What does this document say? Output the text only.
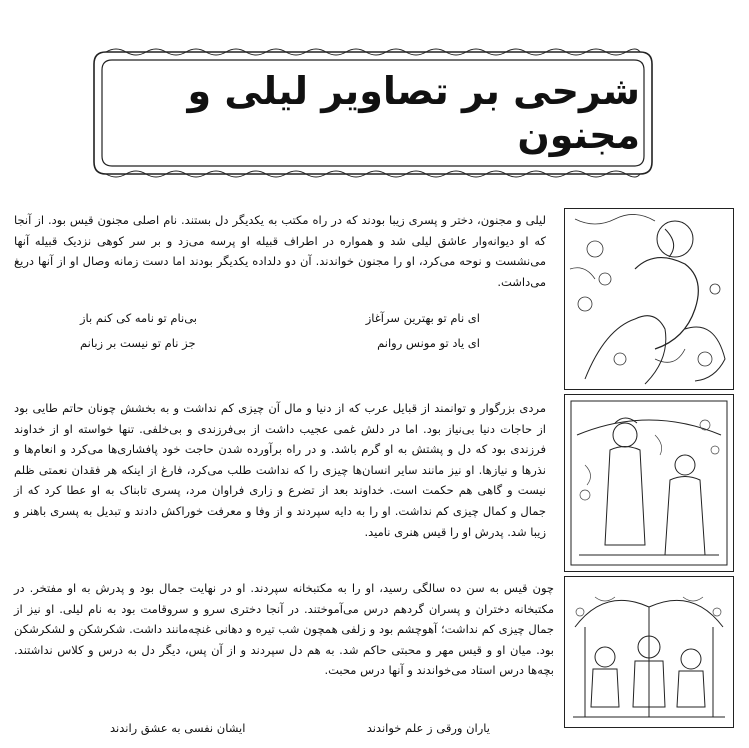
شرحی بر تصاویر لیلی و مجنون
لیلی و مجنون، دختر و پسری زیبا بودند که در راه مکتب به یکدیگر دل بستند. نام اصلی مجنون قیس بود. از آنجا که او دیوانه‌وار عاشق لیلی شد و همواره در اطراف قبیله او پرسه می‌زد و بر سر کوهی نزدیک قبیله آنها می‌نشست و نوحه می‌کرد، او را مجنون خواندند. آن دو دلداده یکدیگر بودند اما دست زمانه وصال او از آنها دریغ می‌داشت.
ای نام تو بهترین سرآغاز
بی‌نام تو نامه کی کنم باز
ای یاد تو مونس روانم
جز نام تو نیست بر زبانم
مردی بزرگوار و توانمند از قبایل عرب که از دنیا و مال آن چیزی کم نداشت و به بخشش چونان حاتم طایی بود از حاجات دنیا بی‌نیاز بود. اما در دلش غمی عجیب داشت از بی‌فرزندی و بی‌خلفی. تنها خواسته او از خداوند فرزندی بود که دل و پشتش به او گرم باشد. و در راه برآورده شدن حاجت خود پافشاری‌ها می‌کرد و انعام‌ها و نذرها و نیازها. او نیز مانند سایر انسان‌ها چیزی را که نداشت طلب می‌کرد، فارغ از اینکه هر فقدان نعمتی ظلم نیست و گاهی هم حکمت است. خداوند بعد از تضرع و زاری فراوان مرد، پسری تابناک به او عطا کرد که از جمال و کمال چیزی کم نداشت. او را به دایه سپردند و از وفا و معرفت خوراکش دادند و تبدیل به پسری باهنر و زیبا شد. پدرش او را قیس هنری نامید.
چون قیس به سن ده سالگی رسید، او را به مکتبخانه سپردند. او در نهایت جمال بود و پدرش به او مفتخر. در مکتبخانه دختران و پسران گردهم درس می‌آموختند. در آنجا دختری سرو و سروقامت بود به نام لیلی. او نیز از جمال چیزی کم نداشت؛ آهوچشم بود و زلفی همچون شب تیره و دهانی غنچه‌مانند داشت. شکرشکن و لشکرشکن بود. میان او و قیس مهر و محبتی حاکم شد. به هم دل سپردند و از آن پس، دیگر دل به درس و کلاس نداشتند. بچه‌ها درس استاد می‌خواندند و آنها درس محبت.
یاران ورقی ز علم خواندند
ایشان نفسی به عشق راندند
